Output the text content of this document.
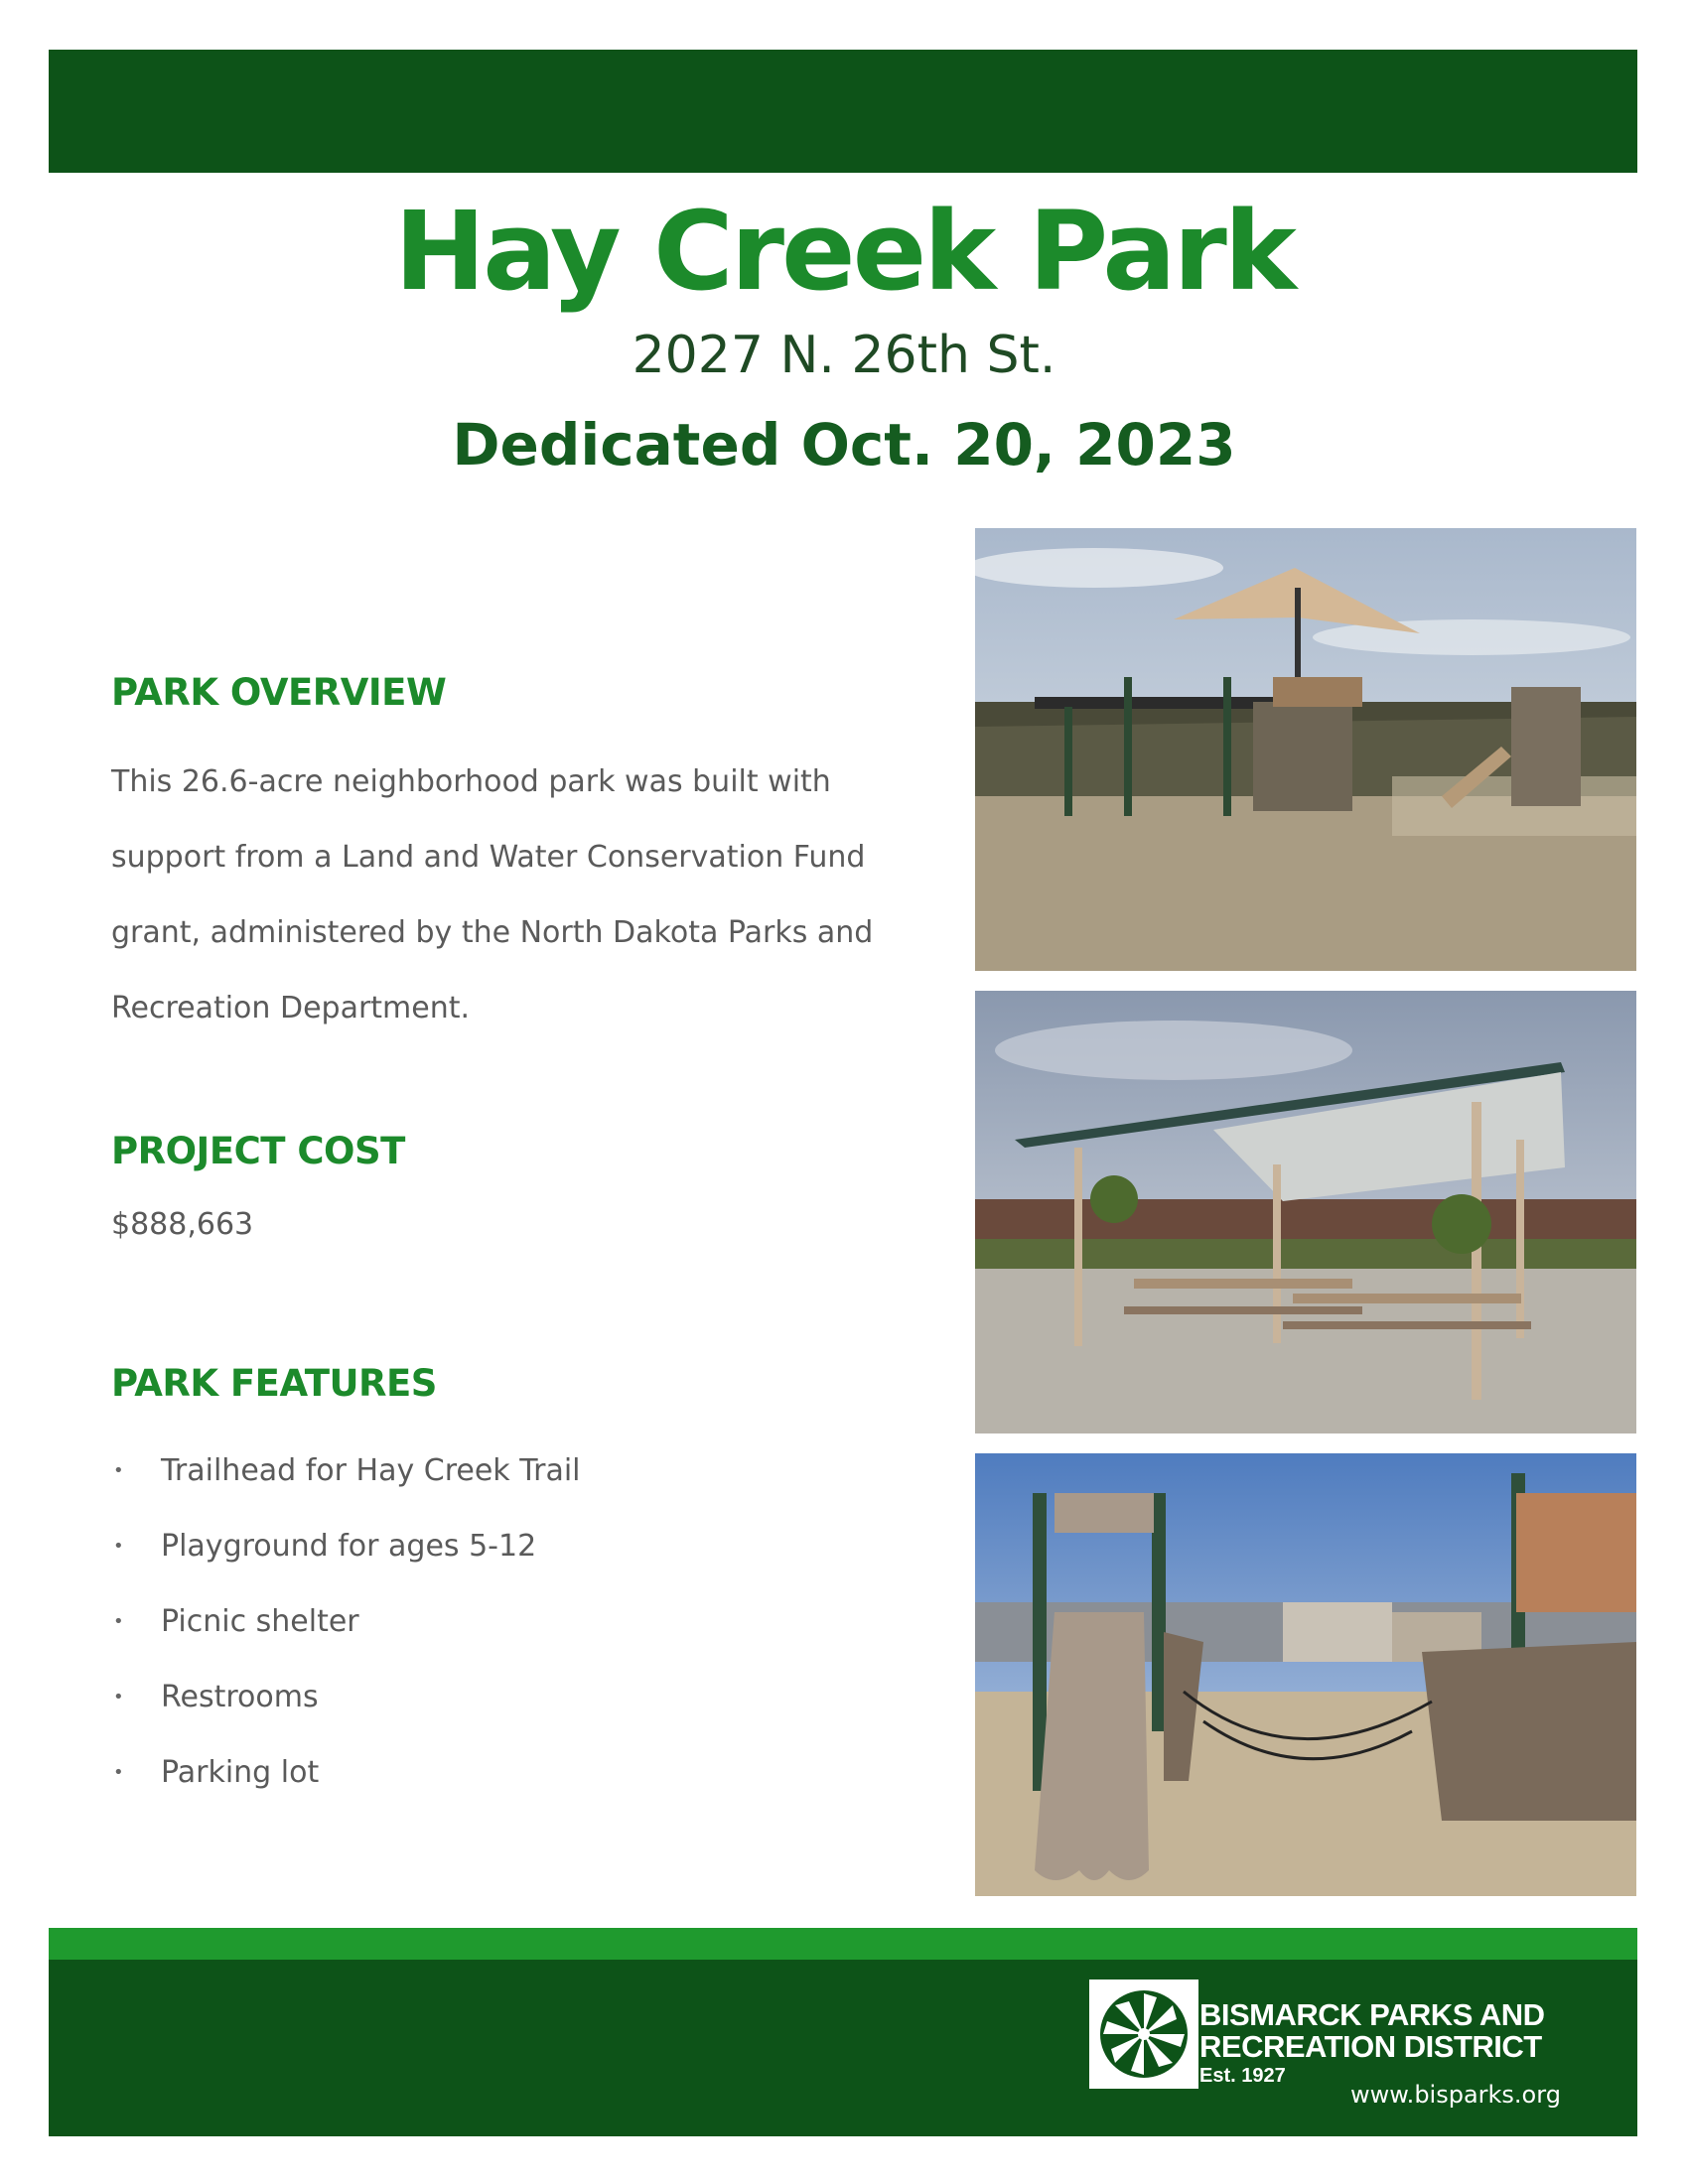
Hay Creek Park
2027 N. 26th St.
Dedicated Oct. 20, 2023
PARK OVERVIEW
This 26.6-acre neighborhood park was built with support from a Land and Water Conservation Fund grant, administered by the North Dakota Parks and Recreation Department.
PROJECT COST
$888,663
PARK FEATURES
• Trailhead for Hay Creek Trail
• Playground for ages 5-12
• Picnic shelter
• Restrooms
• Parking lot
BISMARCK PARKS AND
RECREATION DISTRICT
Est. 1927
www.bisparks.org
